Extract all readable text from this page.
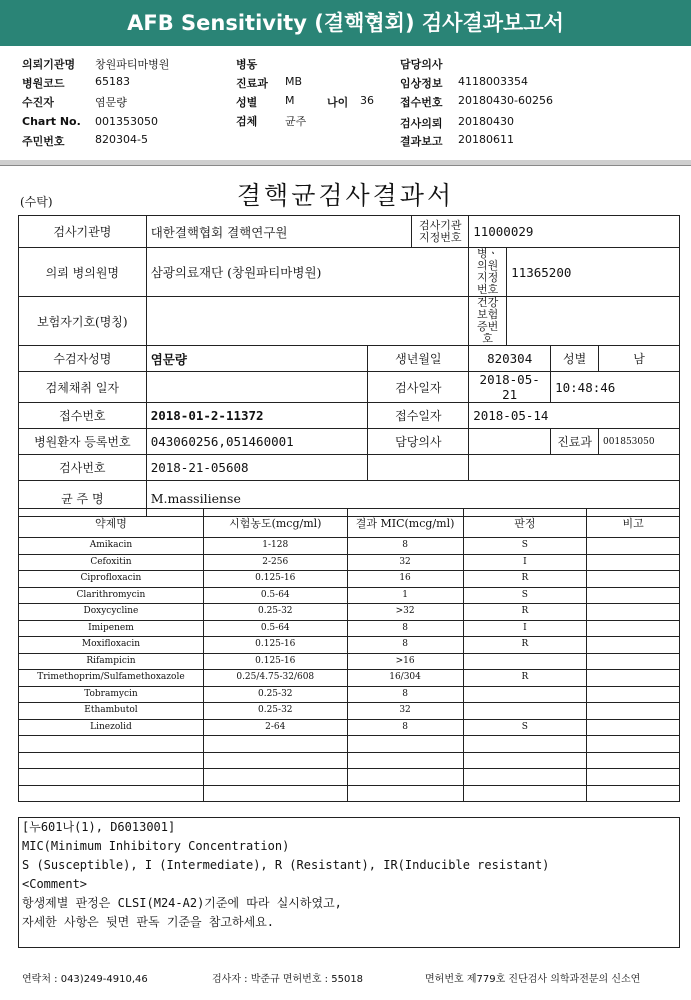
AFB Sensitivity (결핵협회) 검사결과보고서
의뢰기관명 창원파티마병원
병원코드	65183
수진자	염문량
Chart No. 001353050
주민번호	820304-5
병동
진료과 MB
성별	M	나이 36
검체	균주
담당의사
임상정보 4118003354
접수번호 20180430-60256
검사의뢰 20180430
결과보고 20180611
결핵균검사결과서
(수탁)
검사기관명	대한결핵협회 결핵연구원		검사기관 지정번호	11000029			
의뢰 병의원명	삼광의료재단 (창원파티마병원)			병ㆍ의원 지정번호	11365200		
보험자기호(명칭)				건강보험 증번호			
수검자성명	염문량	생년월일		820304		성별	남
검체채취 일자		검사일자		2018-05-21		10:48:46	
접수번호	2018-01-2-11372	접수일자		2018-05-14			
병원환자 등록번호	043060256,051460001	담당의사				진료과	001853050
검사번호	2018-21-05608						
균 주 명	M.massiliense						
약제명	시험농도(mcg/ml)	결과 MIC(mcg/ml)	판정	비고
Amikacin	1-128	8	S	
Cefoxitin	2-256	32	I	
Ciprofloxacin	0.125-16	16	R	
Clarithromycin	0.5-64	1	S	
Doxycycline	0.25-32	>32	R	
Imipenem	0.5-64	8	I	
Moxifloxacin	0.125-16	8	R	
Rifampicin	0.125-16	>16		
Trimethoprim/Sulfamethoxazole	0.25/4.75-32/608	16/304	R	
Tobramycin	0.25-32	8		
Ethambutol	0.25-32	32		
Linezolid	2-64	8	S	

[누601나(1), D6013001]
MIC(Minimum Inhibitory Concentration)
S (Susceptible), I (Intermediate), R (Resistant), IR(Inducible resistant)
<Comment>
항생제별 판정은 CLSI(M24-A2)기준에 따라 실시하였고,
자세한 사항은 뒷면 판독 기준을 참고하세요.
연락처 : 043)249-4910,46	검사자 : 박준규 면허번호 : 55018	면허번호 제779호 진단검사 의학과전문의 신소연
